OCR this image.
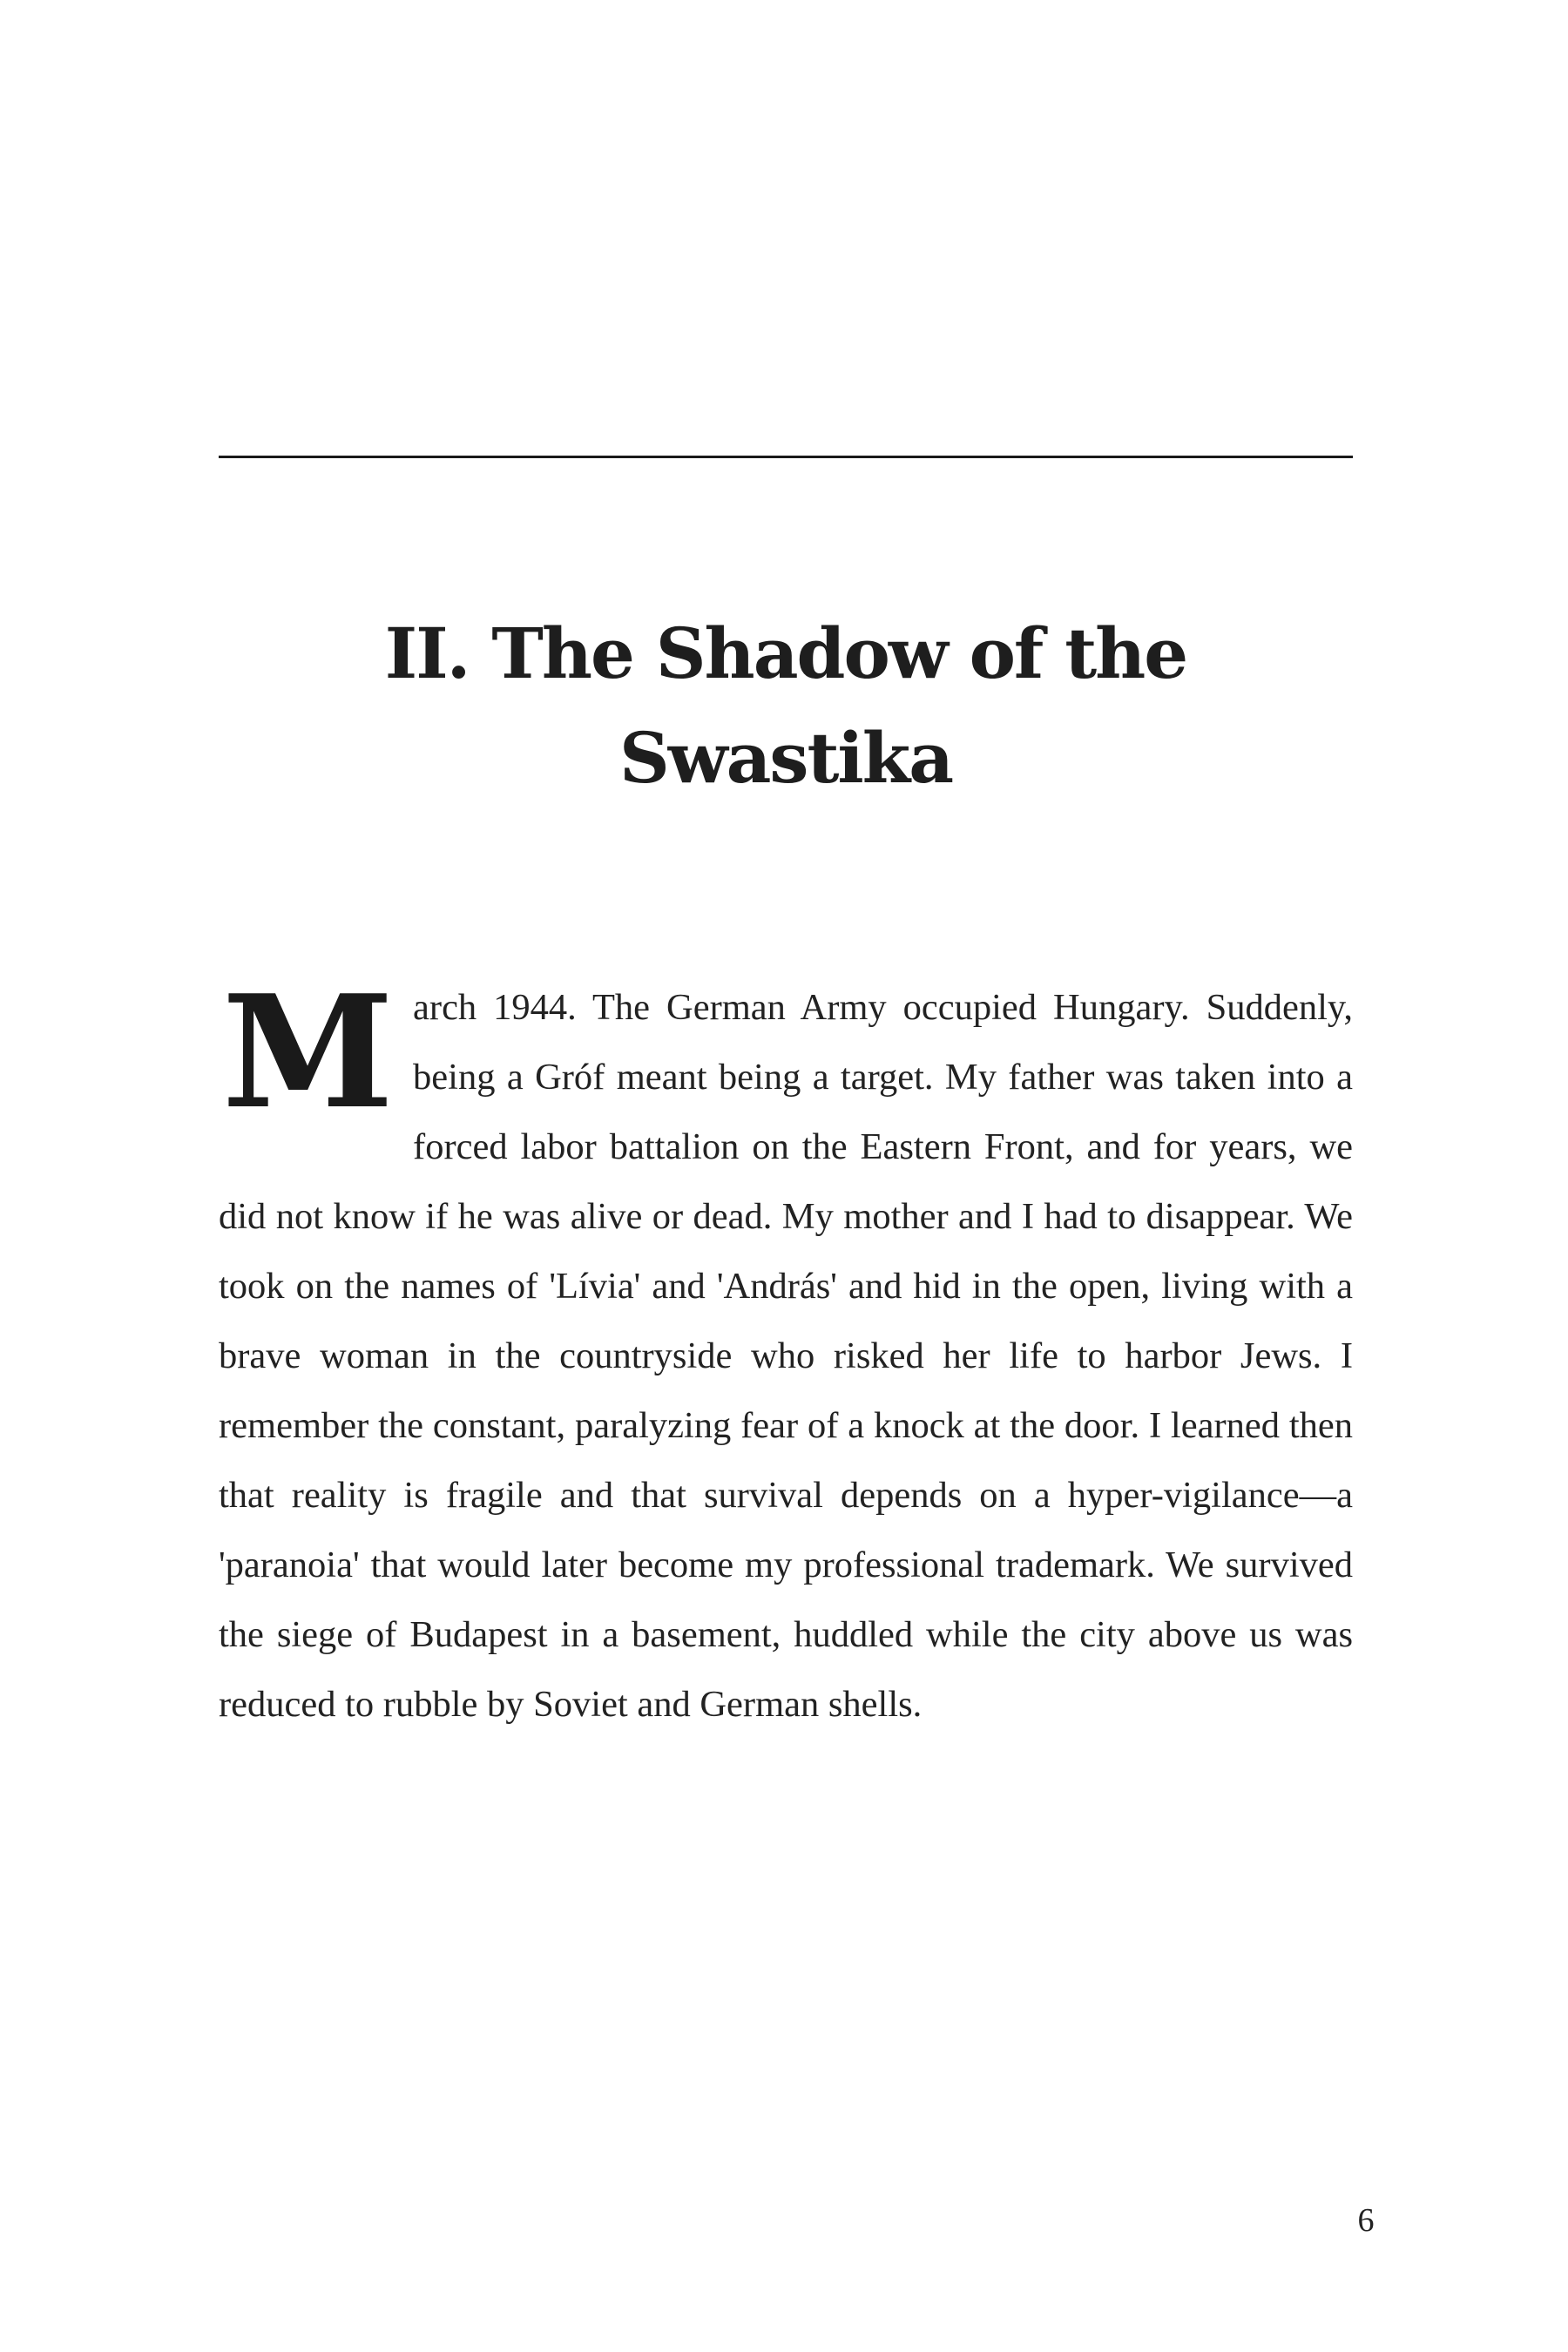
II. The Shadow of the Swastika

March 1944. The German Army occupied Hungary. Suddenly, being a Gróf meant being a target. My father was taken into a forced labor battalion on the Eastern Front, and for years, we did not know if he was alive or dead. My mother and I had to disappear. We took on the names of 'Lívia' and 'András' and hid in the open, living with a brave woman in the countryside who risked her life to harbor Jews. I remember the constant, paralyzing fear of a knock at the door. I learned then that reality is fragile and that survival depends on a hyper-vigilance—a 'paranoia' that would later become my professional trademark. We survived the siege of Budapest in a basement, huddled while the city above us was reduced to rubble by Soviet and German shells.

6
